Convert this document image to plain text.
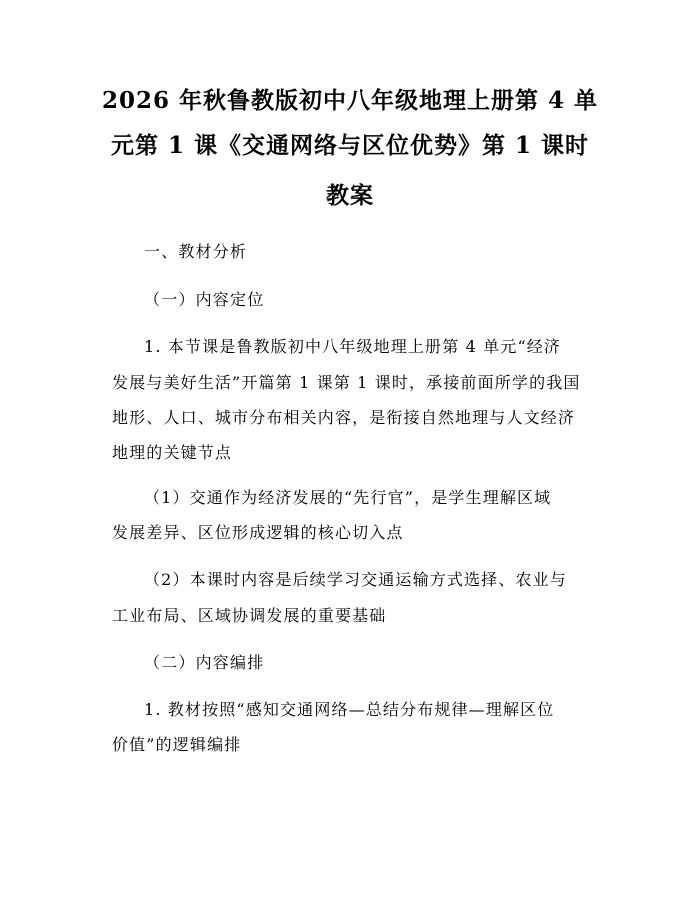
2026 年秋鲁教版初中八年级地理上册第 4 单
元第 1 课《交通网络与区位优势》第 1 课时
教案
一、教材分析
（一）内容定位
1. 本节课是鲁教版初中八年级地理上册第 4 单元“经济
发展与美好生活”开篇第 1 课第 1 课时，承接前面所学的我国
地形、人口、城市分布相关内容，是衔接自然地理与人文经济
地理的关键节点
（1）交通作为经济发展的“先行官”，是学生理解区域
发展差异、区位形成逻辑的核心切入点
（2）本课时内容是后续学习交通运输方式选择、农业与
工业布局、区域协调发展的重要基础
（二）内容编排
1. 教材按照“感知交通网络—总结分布规律—理解区位
价值”的逻辑编排
